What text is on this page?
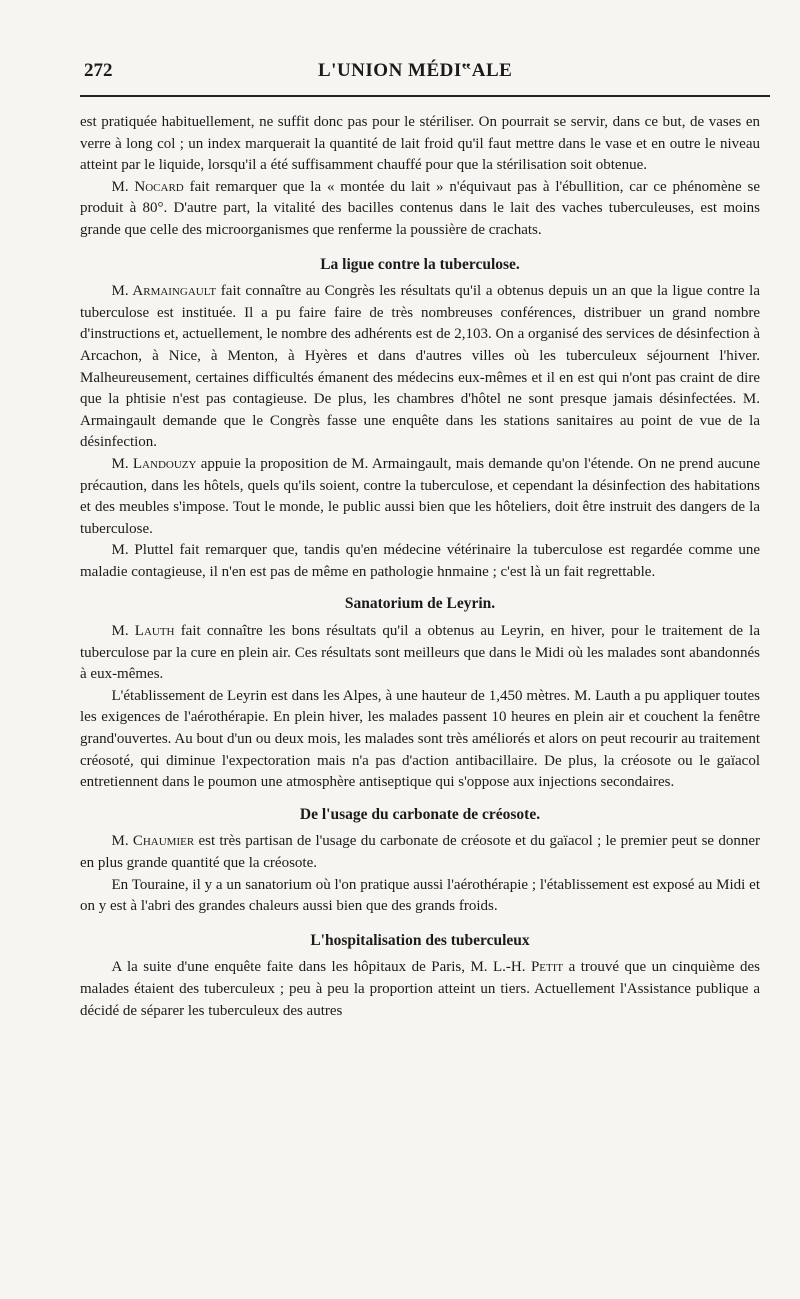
272	L'UNION MÉDI‟ALE

est pratiquée habituellement, ne suffit donc pas pour le stériliser. On pourrait se servir, dans ce but, de vases en verre à long col ; un index marquerait la quantité de lait froid qu'il faut mettre dans le vase et en outre le niveau atteint par le liquide, lorsqu'il a été suffisamment chauffé pour que la stérilisation soit obtenue.

M. Nocard fait remarquer que la « montée du lait » n'équivaut pas à l'ébullition, car ce phénomène se produit à 80°. D'autre part, la vitalité des bacilles contenus dans le lait des vaches tuberculeuses, est moins grande que celle des microorganismes que renferme la poussière de crachats.

La ligue contre la tuberculose.

M. Armaingault fait connaître au Congrès les résultats qu'il a obtenus depuis un an que la ligue contre la tuberculose est instituée. Il a pu faire faire de très nombreuses conférences, distribuer un grand nombre d'instructions et, actuellement, le nombre des adhérents est de 2,103. On a organisé des services de désinfection à Arcachon, à Nice, à Menton, à Hyères et dans d'autres villes où les tuberculeux séjournent l'hiver. Malheureusement, certaines difficultés émanent des médecins eux-mêmes et il en est qui n'ont pas craint de dire que la phtisie n'est pas contagieuse. De plus, les chambres d'hôtel ne sont presque jamais désinfectées. M. Armaingault demande que le Congrès fasse une enquête dans les stations sanitaires au point de vue de la désinfection.

M. Landouzy appuie la proposition de M. Armaingault, mais demande qu'on l'étende. On ne prend aucune précaution, dans les hôtels, quels qu'ils soient, contre la tuberculose, et cependant la désinfection des habitations et des meubles s'impose. Tout le monde, le public aussi bien que les hôteliers, doit être instruit des dangers de la tuberculose.

M. Pluttel fait remarquer que, tandis qu'en médecine vétérinaire la tuberculose est regardée comme une maladie contagieuse, il n'en est pas de même en pathologie hnmaine ; c'est là un fait regrettable.

Sanatorium de Leyrin.

M. Lauth fait connaître les bons résultats qu'il a obtenus au Leyrin, en hiver, pour le traitement de la tuberculose par la cure en plein air. Ces résultats sont meilleurs que dans le Midi où les malades sont abandonnés à eux-mêmes.

L'établissement de Leyrin est dans les Alpes, à une hauteur de 1,450 mètres. M. Lauth a pu appliquer toutes les exigences de l'aérothérapie. En plein hiver, les malades passent 10 heures en plein air et couchent la fenêtre grand'ouvertes. Au bout d'un ou deux mois, les malades sont très améliorés et alors on peut recourir au traitement créosoté, qui diminue l'expectoration mais n'a pas d'action antibacillaire. De plus, la créosote ou le gaïacol entretiennent dans le poumon une atmosphère antiseptique qui s'oppose aux injections secondaires.

De l'usage du carbonate de créosote.

M. Chaumier est très partisan de l'usage du carbonate de créosote et du gaïacol ; le premier peut se donner en plus grande quantité que la créosote.

En Touraine, il y a un sanatorium où l'on pratique aussi l'aérothérapie ; l'établissement est exposé au Midi et on y est à l'abri des grandes chaleurs aussi bien que des grands froids.

L'hospitalisation des tuberculeux

A la suite d'une enquête faite dans les hôpitaux de Paris, M. L.-H. Petit a trouvé que un cinquième des malades étaient des tuberculeux ; peu à peu la proportion atteint un tiers. Actuellement l'Assistance publique a décidé de séparer les tuberculeux des autres
